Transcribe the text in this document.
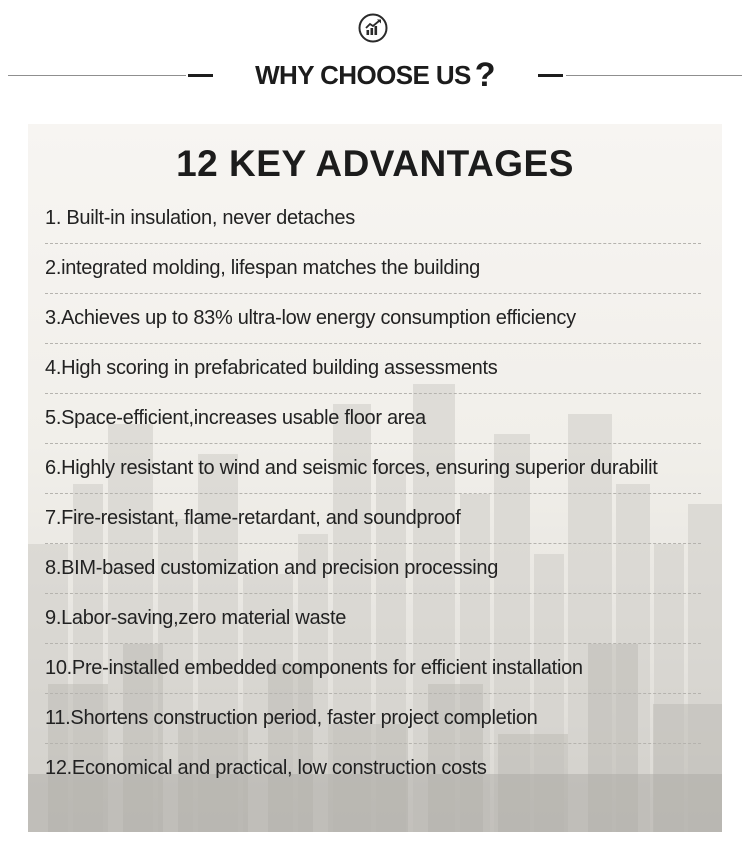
WHY CHOOSE US ?
12 KEY ADVANTAGES
1. Built-in insulation, never detaches
2.integrated molding, lifespan matches the building
3.Achieves up to 83% ultra-low energy consumption efficiency
4.High scoring in prefabricated building assessments
5.Space-efficient,increases usable floor area
6.Highly resistant to wind and seismic forces, ensuring superior durabilit
7.Fire-resistant, flame-retardant, and soundproof
8.BIM-based customization and precision processing
9.Labor-saving,zero material waste
10.Pre-installed embedded components for efficient installation
11.Shortens construction period, faster project completion
12.Economical and practical, low construction costs
